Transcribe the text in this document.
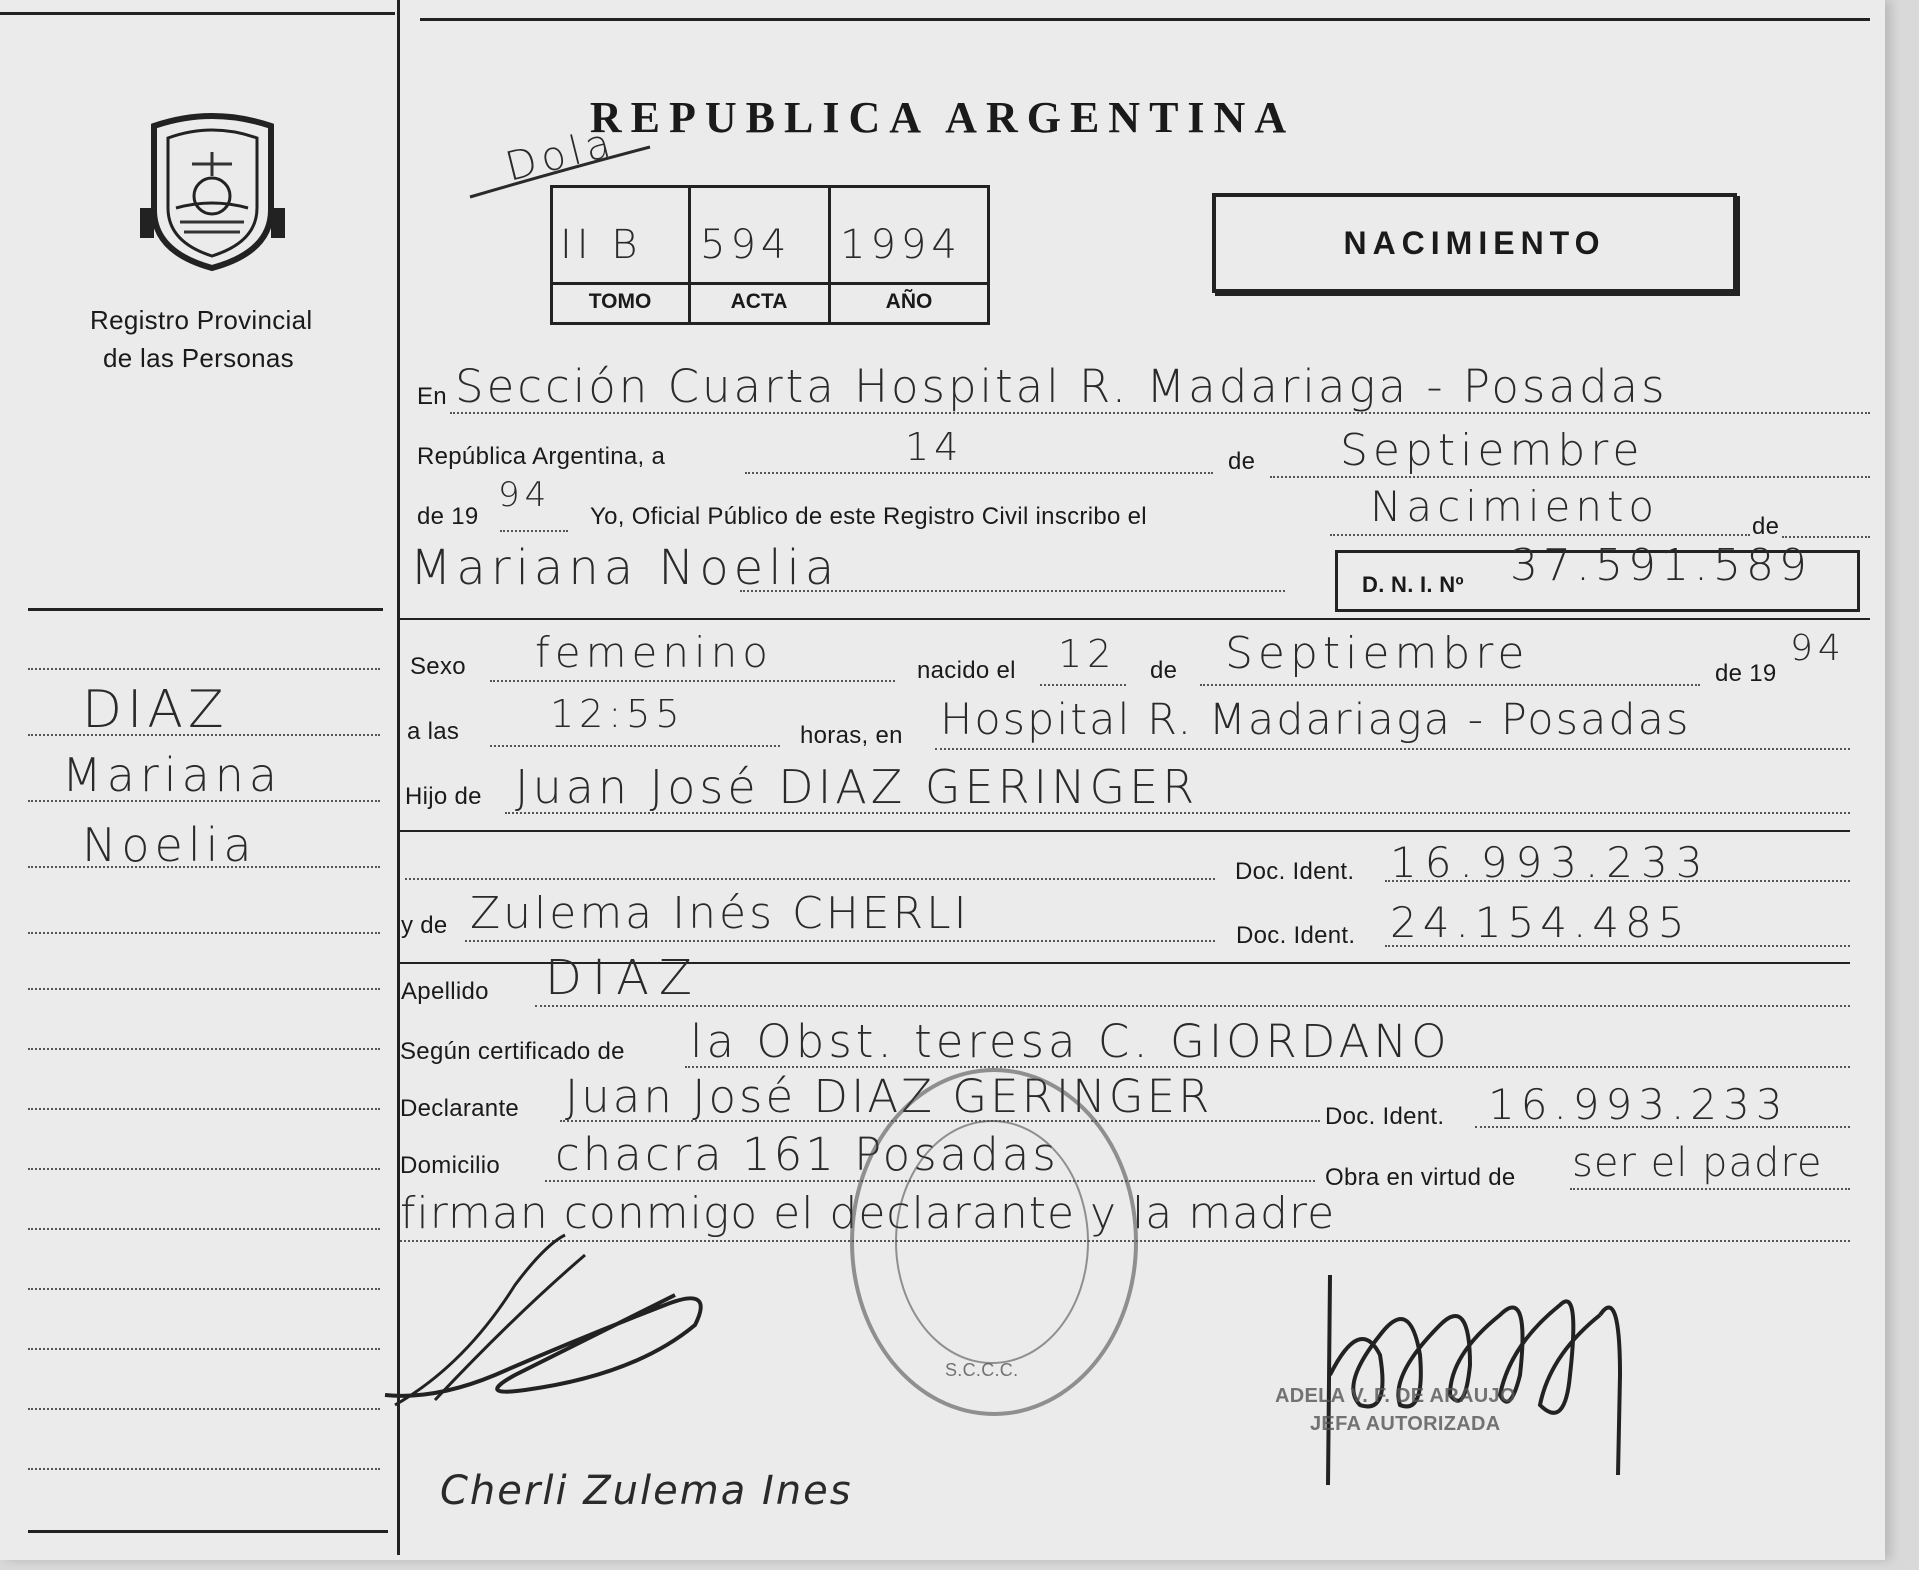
Registro Provincial
de las Personas
REPUBLICA ARGENTINA
Dola
II B 594 1994
TOMO	ACTA	AÑO
NACIMIENTO
En Sección Cuarta Hospital R. Madariaga - Posadas
República Argentina, a	14	de Septiembre
de 19
94
Yo, Oficial Público de este Registro Civil inscribo el	Nacimiento	de
Mariana Noelia	D. N. I. Nº 37.591.589
DIAZ
Mariana
Noelia
Sexo femenino	nacido el 12 de Septiembre	de 19
94
a las 12:55	horas, en Hospital R. Madariaga - Posadas
Hijo de Juan José DIAZ GERINGER
Doc. Ident. 16.993.233
y de Zulema Inés CHERLI	Doc. Ident. 24.154.485
Apellido DIAZ
Según certificado de la Obst. teresa C. GIORDANO
Declarante Juan José DIAZ GERINGER	Doc. Ident. 16.993.233
Domicilio chacra 161 Posadas	Obra en virtud de ser el padre
firman conmigo el declarante y la madre
S.C.C.C.
ADELA V. F. DE ARAUJO
JEFA AUTORIZADA
Cherli Zulema Ines
